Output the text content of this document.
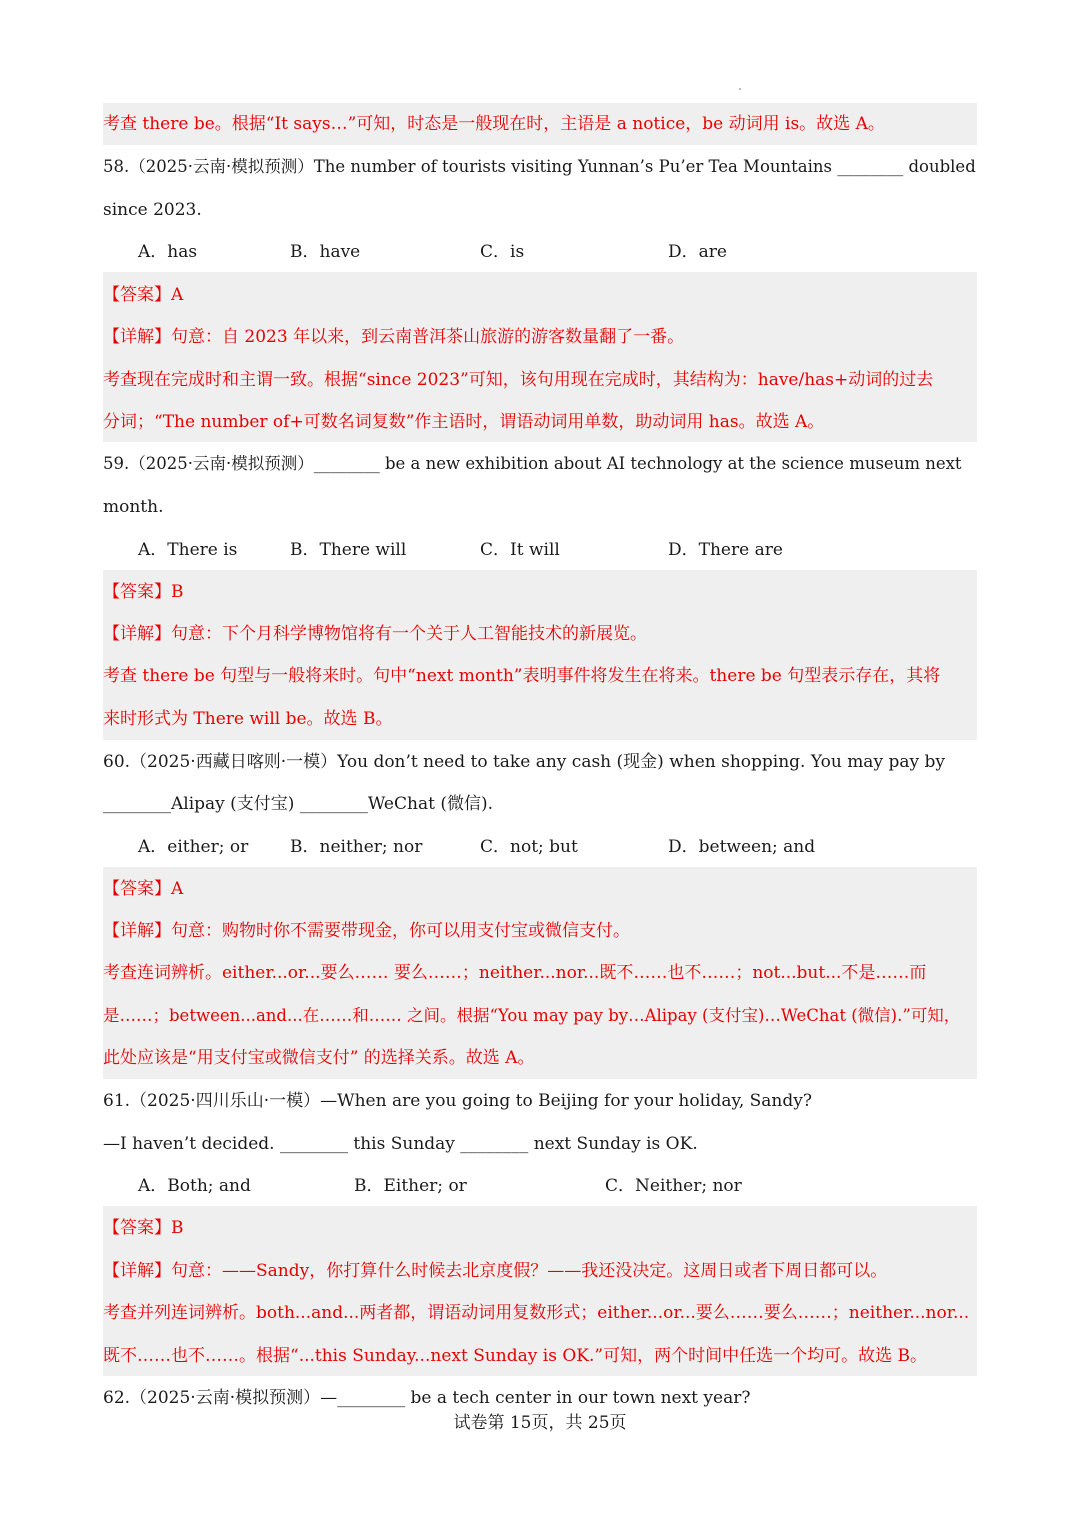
考查 there be。根据“It says…”可知，时态是一般现在时，主语是 a notice，be 动词用 is。故选 A。
58.（2025·云南·模拟预测）The number of tourists visiting Yunnan’s Pu’er Tea Mountains ________ doubled
since 2023.
A．has	B．have	C．is	D．are
【答案】A
【详解】句意：自 2023 年以来，到云南普洱茶山旅游的游客数量翻了一番。
考查现在完成时和主谓一致。根据“since 2023”可知，该句用现在完成时，其结构为：have/has+动词的过去
分词；“The number of+可数名词复数”作主语时，谓语动词用单数，助动词用 has。故选 A。
59.（2025·云南·模拟预测）________ be a new exhibition about AI technology at the science museum next
month.
A．There is	B．There will	C．It will	D．There are
【答案】B
【详解】句意：下个月科学博物馆将有一个关于人工智能技术的新展览。
考查 there be 句型与一般将来时。句中“next month”表明事件将发生在将来。there be 句型表示存在，其将
来时形式为 There will be。故选 B。
60.（2025·西藏日喀则·一模）You don’t need to take any cash (现金) when shopping. You may pay by
________Alipay (支付宝) ________WeChat (微信).
A．either; or B．neither; nor	C．not; but	D．between; and
【答案】A
【详解】句意：购物时你不需要带现金，你可以用支付宝或微信支付。
考查连词辨析。either...or...要么…… 要么……；neither...nor...既不……也不……；not...but...不是……而
是……；between...and...在……和…… 之间。根据“You may pay by…Alipay (支付宝)…WeChat (微信).”可知，
此处应该是“用支付宝或微信支付” 的选择关系。故选 A。
61.（2025·四川乐山·一模）—When are you going to Beijing for your holiday, Sandy?
—I haven’t decided. ________ this Sunday ________ next Sunday is OK.
A．Both; and	B．Either; or	C．Neither; nor
【答案】B
【详解】句意：——Sandy，你打算什么时候去北京度假？——我还没决定。这周日或者下周日都可以。
考查并列连词辨析。both...and...两者都，谓语动词用复数形式；either...or...要么……要么……；neither...nor...
既不……也不……。根据“...this Sunday...next Sunday is OK.”可知，两个时间中任选一个均可。故选 B。
62.（2025·云南·模拟预测）—________ be a tech center in our town next year?
试卷第 15页，共 25页
